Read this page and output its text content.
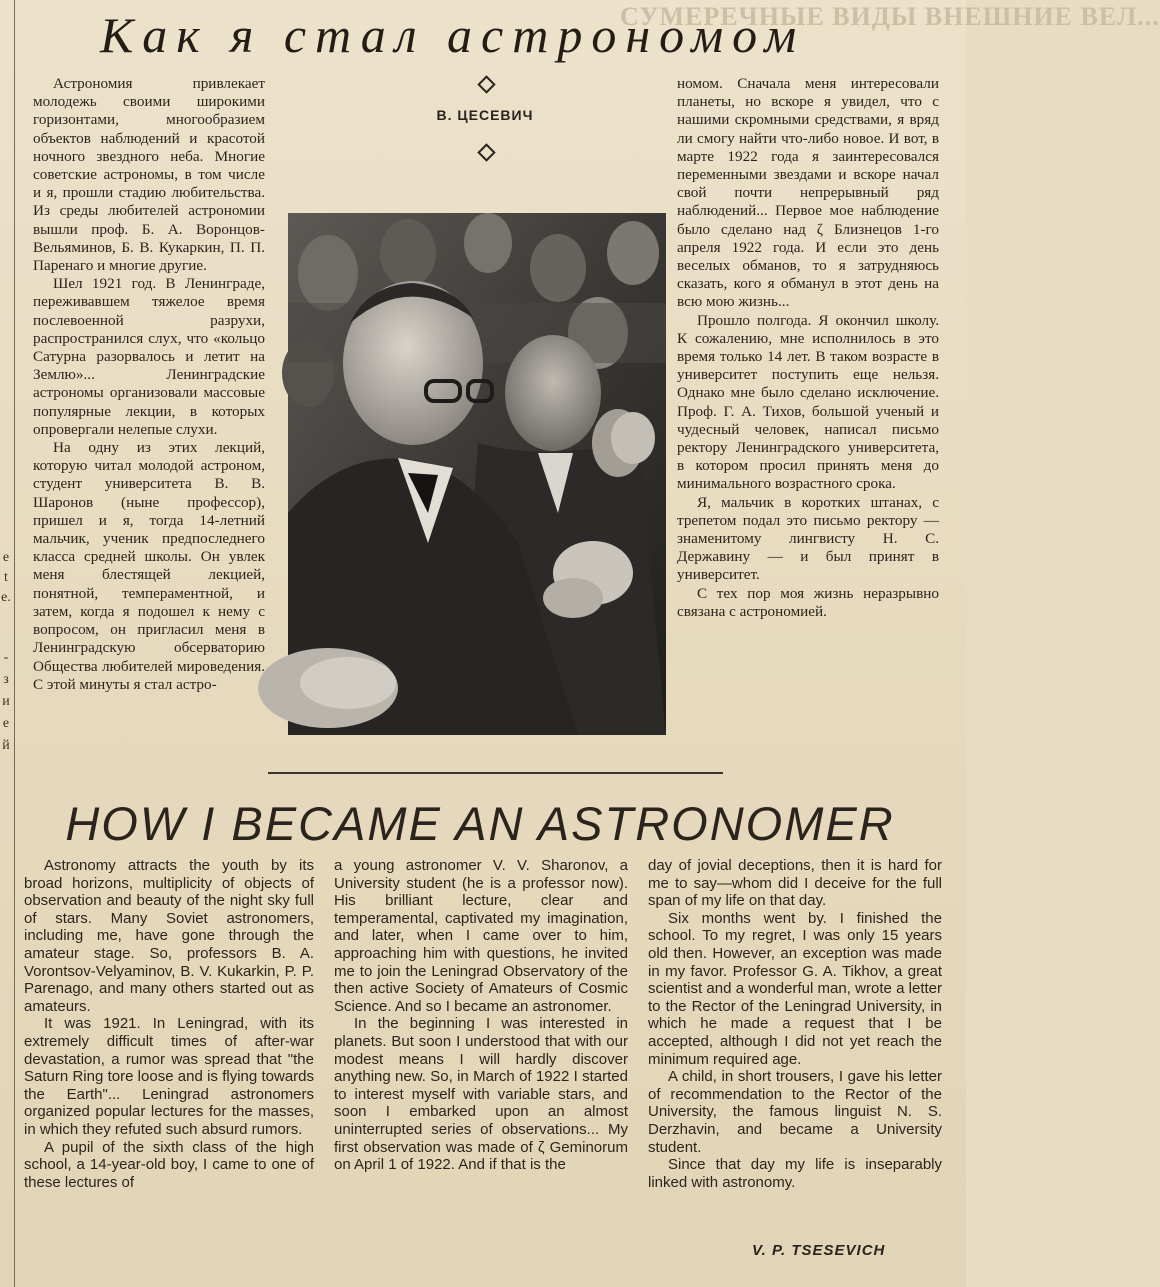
е
t
е.
-
з
и
е
й
СУМЕРЕЧНЫЕ ВИДЫ ВНЕШНИЕ ВЕЛ...
Как я стал астрономом
В. ЦЕСЕВИЧ

Астрономия привлекает молодежь своими широкими горизонтами, многообразием объектов наблюдений и красотой ночного звездного неба. Многие советские астрономы, в том числе и я, прошли стадию любительства. Из среды любителей астрономии вышли проф. Б. А. Воронцов-Вельяминов, Б. В. Кукаркин, П. П. Паренаго и многие другие.

Шел 1921 год. В Ленинграде, переживавшем тяжелое время послевоенной разрухи, распространился слух, что «кольцо Сатурна разорвалось и летит на Землю»... Ленинградские астрономы организовали массовые популярные лекции, в которых опровергали нелепые слухи.

На одну из этих лекций, которую читал молодой астроном, студент университета В. В. Шаронов (ныне профессор), пришел и я, тогда 14-летний мальчик, ученик предпоследнего класса средней школы. Он увлек меня блестящей лекцией, понятной, темпераментной, и затем, когда я подошел к нему с вопросом, он пригласил меня в Ленинградскую обсерваторию Общества любителей мироведения. С этой минуты я стал астро-

номом. Сначала меня интересовали планеты, но вскоре я увидел, что с нашими скромными средствами, я вряд ли смогу найти что-либо новое. И вот, в марте 1922 года я заинтересовался переменными звездами и вскоре начал свой почти непрерывный ряд наблюдений... Первое мое наблюдение было сделано над ζ Близнецов 1-го апреля 1922 года. И если это день веселых обманов, то я затрудняюсь сказать, кого я обманул в этот день на всю мою жизнь...

Прошло полгода. Я окончил школу. К сожалению, мне исполнилось в это время только 14 лет. В таком возрасте в университет поступить еще нельзя. Однако мне было сделано исключение. Проф. Г. А. Тихов, большой ученый и чудесный человек, написал письмо ректору Ленинградского университета, в котором просил принять меня до минимального возрастного срока.

Я, мальчик в коротких штанах, с трепетом подал это письмо ректору — знаменитому лингвисту Н. С. Державину — и был принят в университет.

С тех пор моя жизнь неразрывно связана с астрономией.

HOW I BECAME AN ASTRONOMER

Astronomy attracts the youth by its broad horizons, multiplicity of objects of observation and beauty of the night sky full of stars. Many Soviet astronomers, including me, have gone through the amateur stage. So, professors B. A. Vorontsov-Velyaminov, B. V. Kukarkin, P. P. Parenago, and many others started out as amateurs.

It was 1921. In Leningrad, with its extremely difficult times of after-war devastation, a rumor was spread that "the Saturn Ring tore loose and is flying towards the Earth"... Leningrad astronomers organized popular lectures for the masses, in which they refuted such absurd rumors.

A pupil of the sixth class of the high school, a 14-year-old boy, I came to one of these lectures of

a young astronomer V. V. Sharonov, a University student (he is a professor now). His brilliant lecture, clear and temperamental, captivated my imagination, and later, when I came over to him, approaching him with questions, he invited me to join the Leningrad Observatory of the then active Society of Amateurs of Cosmic Science. And so I became an astronomer.

In the beginning I was interested in planets. But soon I understood that with our modest means I will hardly discover anything new. So, in March of 1922 I started to interest myself with variable stars, and soon I embarked upon an almost uninterrupted series of observations... My first observation was made of ζ Geminorum on April 1 of 1922. And if that is the

day of jovial deceptions, then it is hard for me to say—whom did I deceive for the full span of my life on that day.

Six months went by. I finished the school. To my regret, I was only 15 years old then. However, an exception was made in my favor. Professor G. A. Tikhov, a great scientist and a wonderful man, wrote a letter to the Rector of the Leningrad University, in which he made a request that I be accepted, although I did not yet reach the minimum required age.

A child, in short trousers, I gave his letter of recommendation to the Rector of the University, the famous linguist N. S. Derzhavin, and became a University student.

Since that day my life is inseparably linked with astronomy.

V. P. TSESEVICH
